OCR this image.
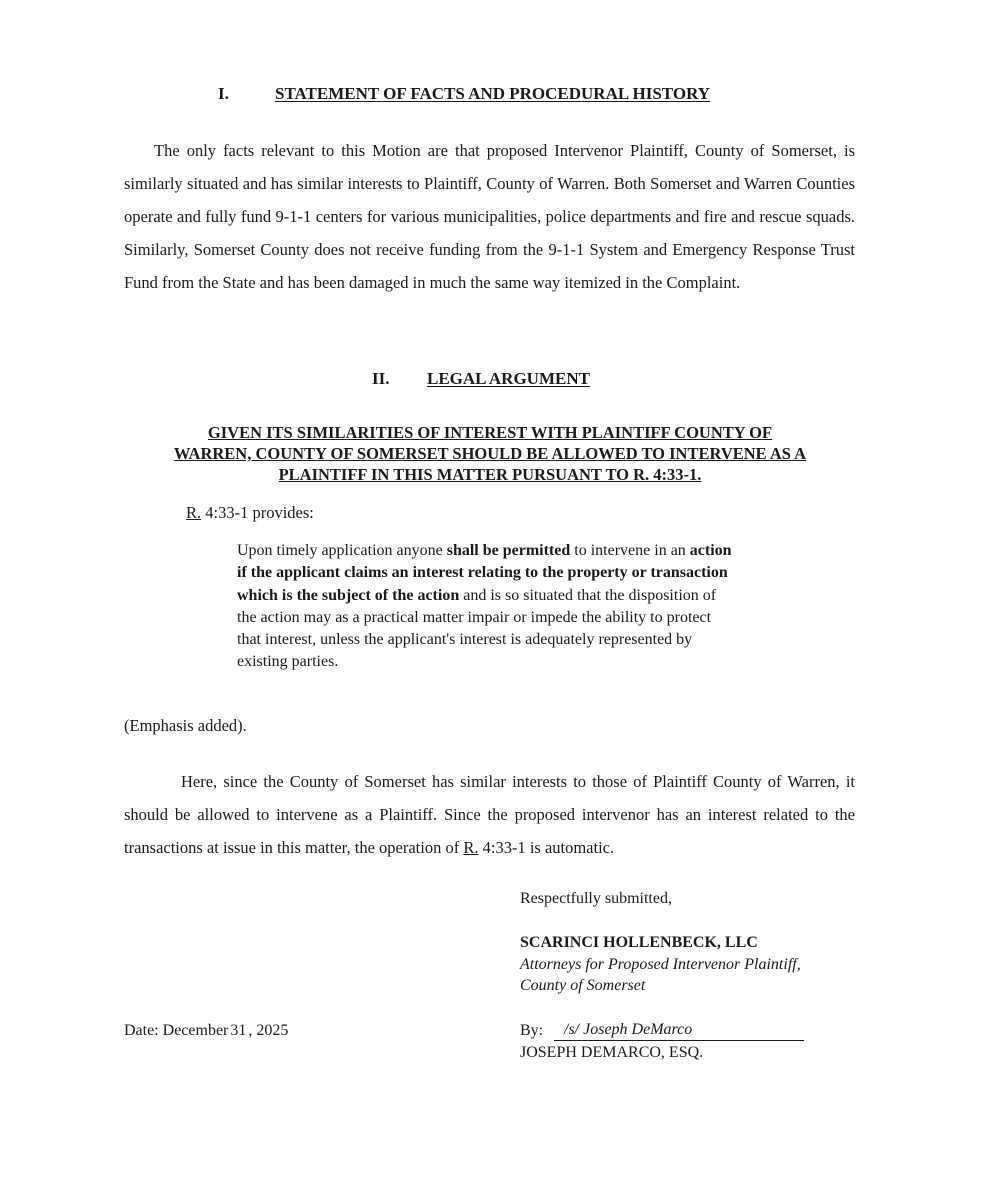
I.	STATEMENT OF FACTS AND PROCEDURAL HISTORY
The only facts relevant to this Motion are that proposed Intervenor Plaintiff, County of Somerset, is similarly situated and has similar interests to Plaintiff, County of Warren. Both Somerset and Warren Counties operate and fully fund 9-1-1 centers for various municipalities, police departments and fire and rescue squads. Similarly, Somerset County does not receive funding from the 9-1-1 System and Emergency Response Trust Fund from the State and has been damaged in much the same way itemized in the Complaint.
II. LEGAL ARGUMENT
GIVEN ITS SIMILARITIES OF INTEREST WITH PLAINTIFF COUNTY OF
WARREN, COUNTY OF SOMERSET SHOULD BE ALLOWED TO INTERVENE AS A
PLAINTIFF IN THIS MATTER PURSUANT TO R. 4:33-1.
R. 4:33-1 provides:
Upon timely application anyone shall be permitted to intervene in an action if the applicant claims an interest relating to the property or transaction which is the subject of the action and is so situated that the disposition of the action may as a practical matter impair or impede the ability to protect that interest, unless the applicant's interest is adequately represented by existing parties.
(Emphasis added).
Here, since the County of Somerset has similar interests to those of Plaintiff County of Warren, it should be allowed to intervene as a Plaintiff. Since the proposed intervenor has an interest related to the transactions at issue in this matter, the operation of R. 4:33-1 is automatic.
Respectfully submitted,
SCARINCI HOLLENBECK, LLC
Attorneys for Proposed Intervenor Plaintiff,
County of Somerset
Date: December 31 , 2025	By: /s/ Joseph DeMarco
JOSEPH DEMARCO, ESQ.
